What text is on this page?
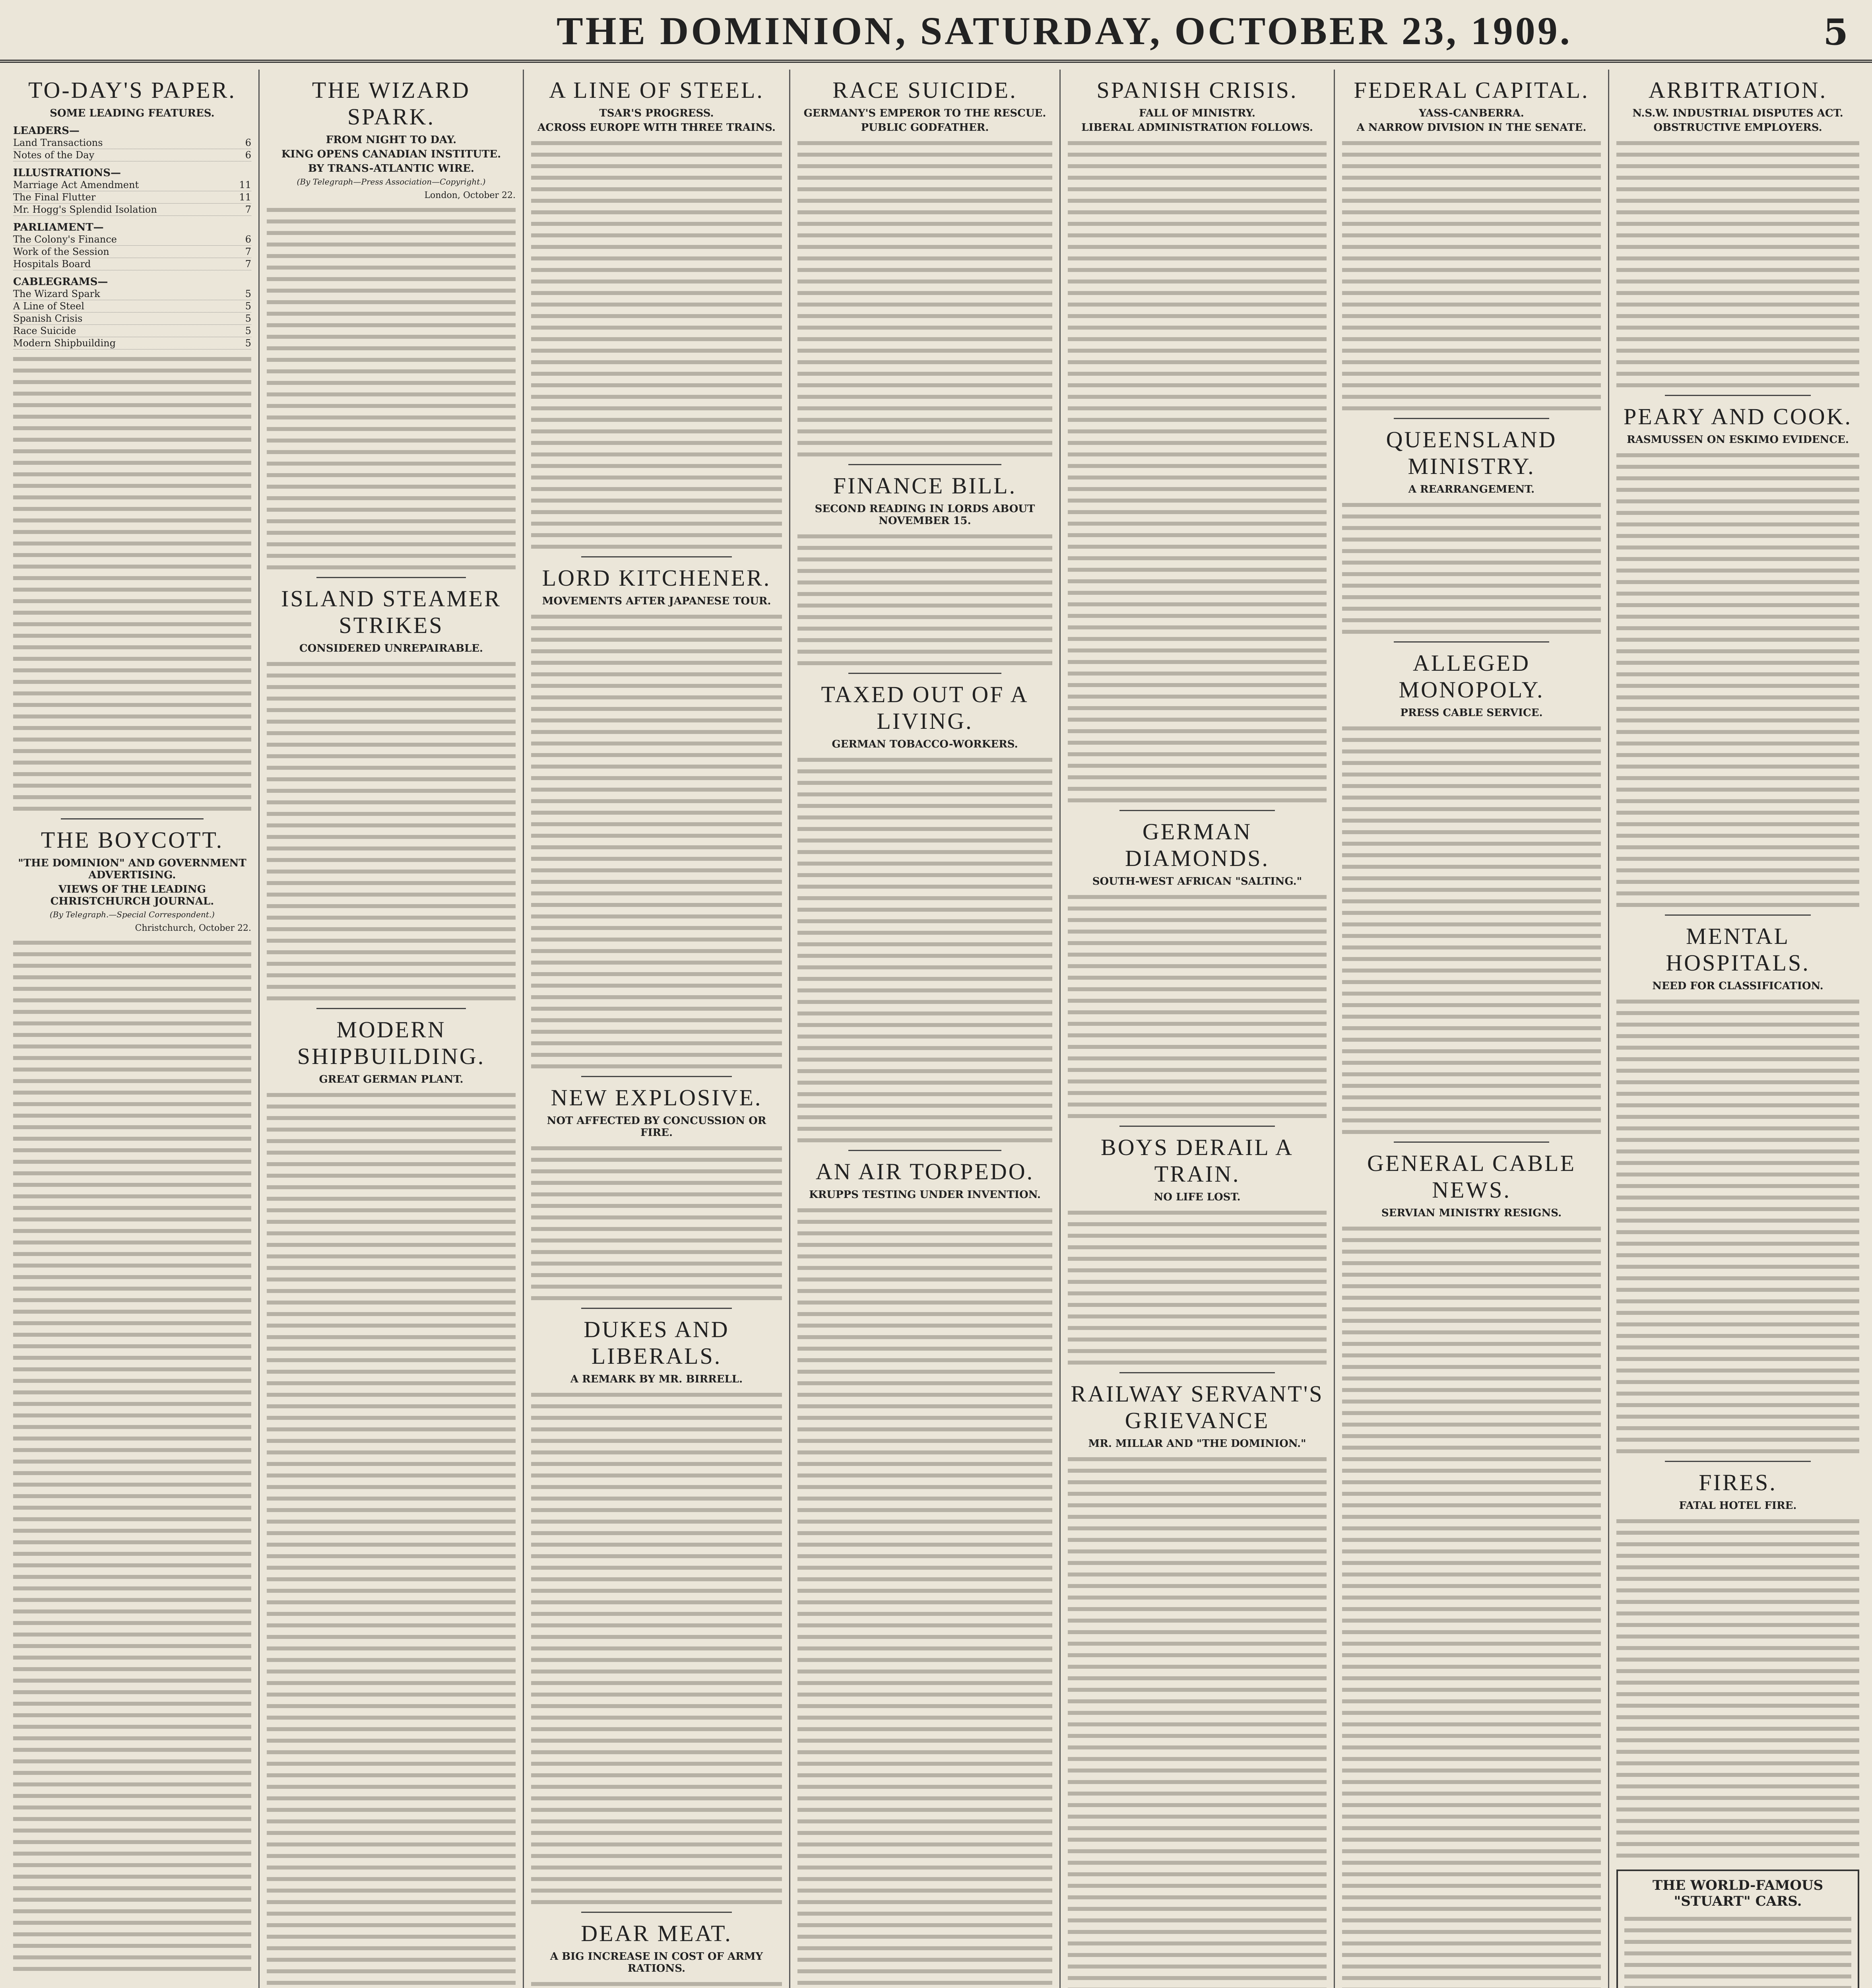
THE DOMINION, SATURDAY, OCTOBER 23, 1909.	5
TO-DAY'S PAPER.
SOME LEADING FEATURES.
LEADERS—
Land Transactions	6
Notes of the Day	6
ILLUSTRATIONS—
Marriage Act Amendment	11
The Final Flutter	11
Mr. Hogg's Splendid Isolation	7
PARLIAMENT—
The Colony's Finance	6
Work of the Session	7
Hospitals Board	7
CABLEGRAMS—
The Wizard Spark	5
A Line of Steel	5
Spanish Crisis	5
Race Suicide	5
Modern Shipbuilding	5
THE BOYCOTT.
"THE DOMINION" AND GOVERNMENT ADVERTISING.
VIEWS OF THE LEADING CHRISTCHURCH JOURNAL.
(By Telegraph.—Special Correspondent.)
Christchurch, October 22.
THE WIZARD SPARK.
FROM NIGHT TO DAY.
KING OPENS CANADIAN INSTITUTE.
BY TRANS-ATLANTIC WIRE.
(By Telegraph—Press Association—Copyright.)
London, October 22.
ISLAND STEAMER STRIKES
CONSIDERED UNREPAIRABLE.
MODERN SHIPBUILDING.
GREAT GERMAN PLANT.
A LINE OF STEEL.
TSAR'S PROGRESS.
ACROSS EUROPE WITH THREE TRAINS.
LORD KITCHENER.
MOVEMENTS AFTER JAPANESE TOUR.
NEW EXPLOSIVE.
NOT AFFECTED BY CONCUSSION OR FIRE.
DUKES AND LIBERALS.
A REMARK BY MR. BIRRELL.
DEAR MEAT.
A BIG INCREASE IN COST OF ARMY RATIONS.
RACE SUICIDE.
GERMANY'S EMPEROR TO THE RESCUE.
PUBLIC GODFATHER.
FINANCE BILL.
SECOND READING IN LORDS ABOUT NOVEMBER 15.
TAXED OUT OF A LIVING.
GERMAN TOBACCO-WORKERS.
AN AIR TORPEDO.
KRUPPS TESTING UNDER INVENTION.
SPANISH CRISIS.
FALL OF MINISTRY.
LIBERAL ADMINISTRATION FOLLOWS.
GERMAN DIAMONDS.
SOUTH-WEST AFRICAN "SALTING."
BOYS DERAIL A TRAIN.
NO LIFE LOST.
RAILWAY SERVANT'S GRIEVANCE
MR. MILLAR AND "THE DOMINION."
FEDERAL CAPITAL.
YASS-CANBERRA.
A NARROW DIVISION IN THE SENATE.
QUEENSLAND MINISTRY.
A REARRANGEMENT.
ALLEGED MONOPOLY.
PRESS CABLE SERVICE.
GENERAL CABLE NEWS.
SERVIAN MINISTRY RESIGNS.
ARBITRATION.
N.S.W. INDUSTRIAL DISPUTES ACT.
OBSTRUCTIVE EMPLOYERS.
PEARY AND COOK.
RASMUSSEN ON ESKIMO EVIDENCE.
MENTAL HOSPITALS.
NEED FOR CLASSIFICATION.
FIRES.
FATAL HOTEL FIRE.
THE WORLD-FAMOUS "STUART" CARS.
